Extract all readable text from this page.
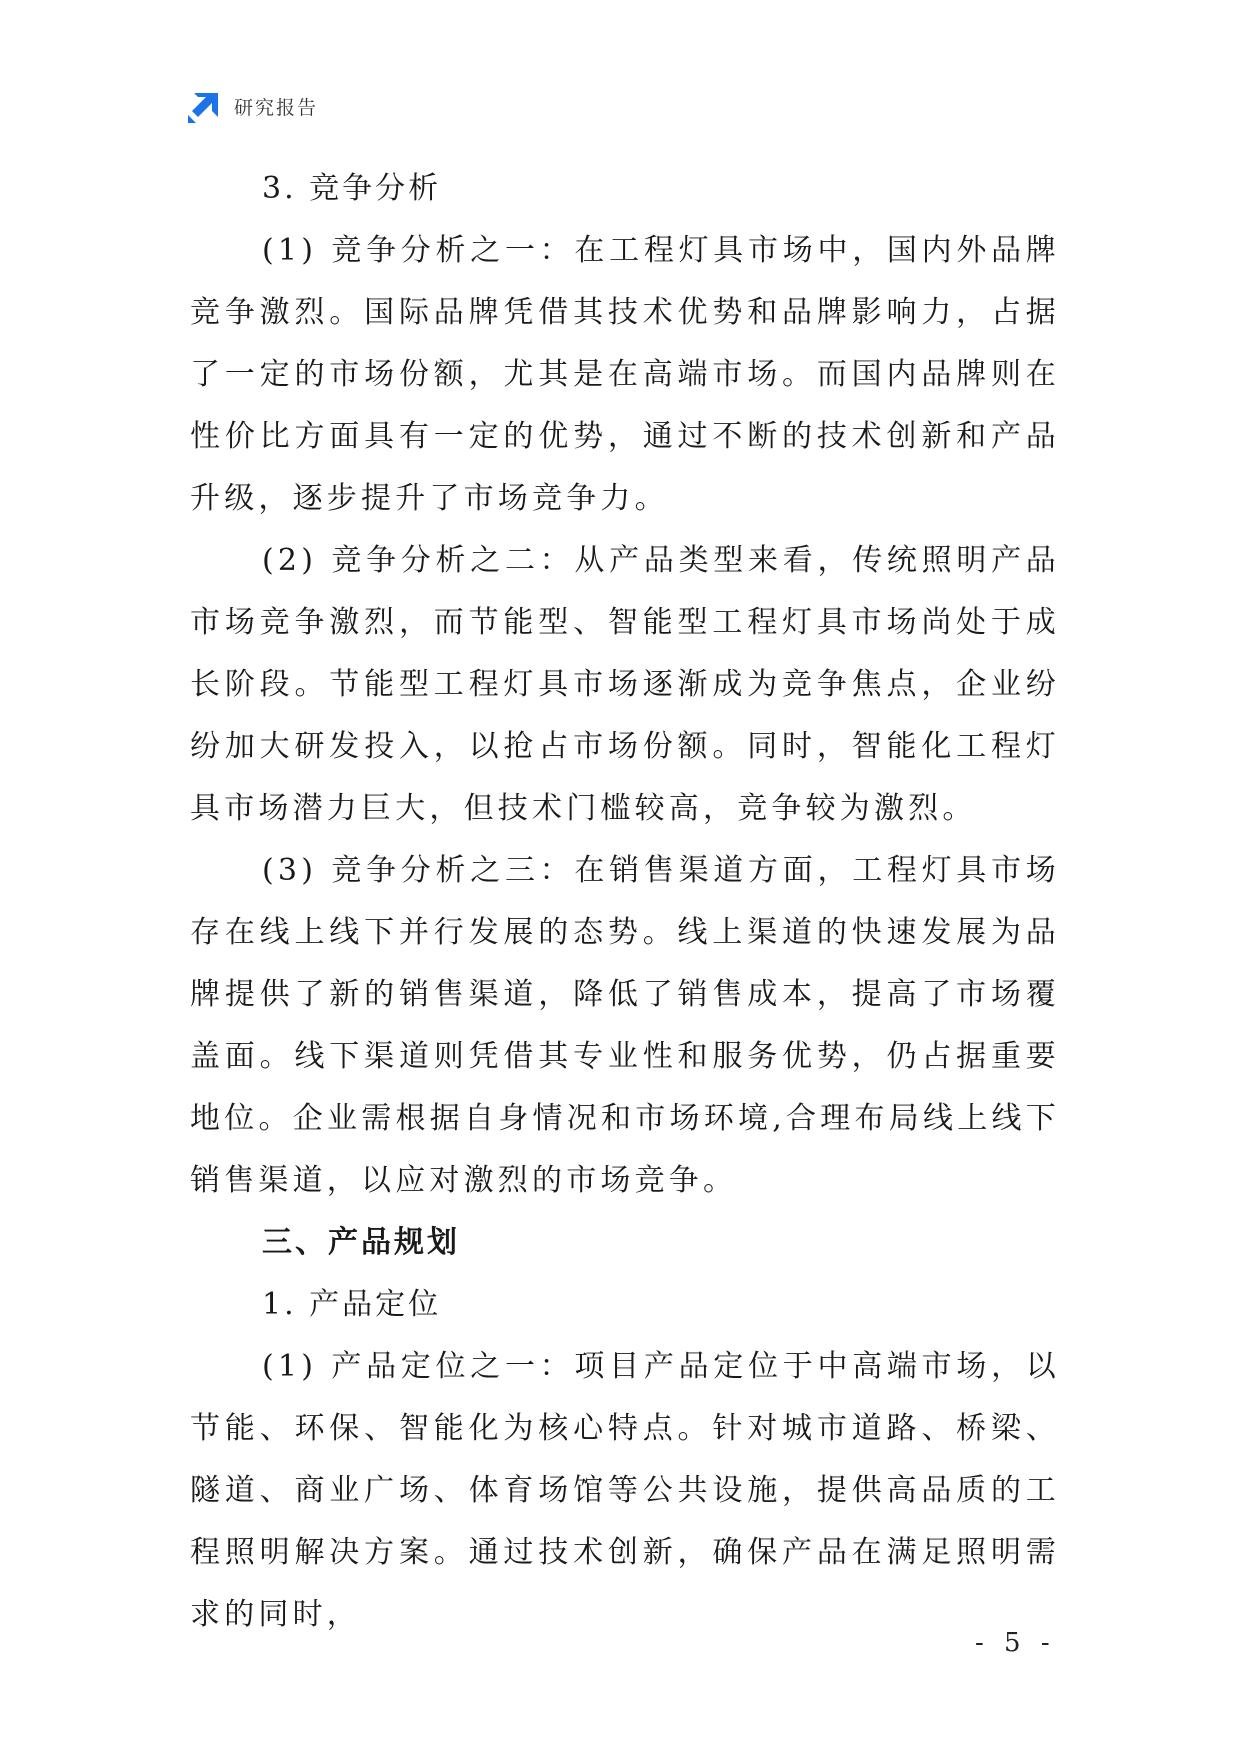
研究报告

3. 竞争分析

(1) 竞争分析之一：在工程灯具市场中，国内外品牌竞争激烈。国际品牌凭借其技术优势和品牌影响力，占据了一定的市场份额，尤其是在高端市场。而国内品牌则在性价比方面具有一定的优势，通过不断的技术创新和产品升级，逐步提升了市场竞争力。

(2) 竞争分析之二：从产品类型来看，传统照明产品市场竞争激烈，而节能型、智能型工程灯具市场尚处于成长阶段。节能型工程灯具市场逐渐成为竞争焦点，企业纷纷加大研发投入，以抢占市场份额。同时，智能化工程灯具市场潜力巨大，但技术门槛较高，竞争较为激烈。

(3) 竞争分析之三：在销售渠道方面，工程灯具市场存在线上线下并行发展的态势。线上渠道的快速发展为品牌提供了新的销售渠道，降低了销售成本，提高了市场覆盖面。线下渠道则凭借其专业性和服务优势，仍占据重要地位。企业需根据自身情况和市场环境,合理布局线上线下销售渠道，以应对激烈的市场竞争。

三、产品规划

1. 产品定位

(1) 产品定位之一：项目产品定位于中高端市场，以节能、环保、智能化为核心特点。针对城市道路、桥梁、隧道、商业广场、体育场馆等公共设施，提供高品质的工程照明解决方案。通过技术创新，确保产品在满足照明需求的同时，

- 5 -
